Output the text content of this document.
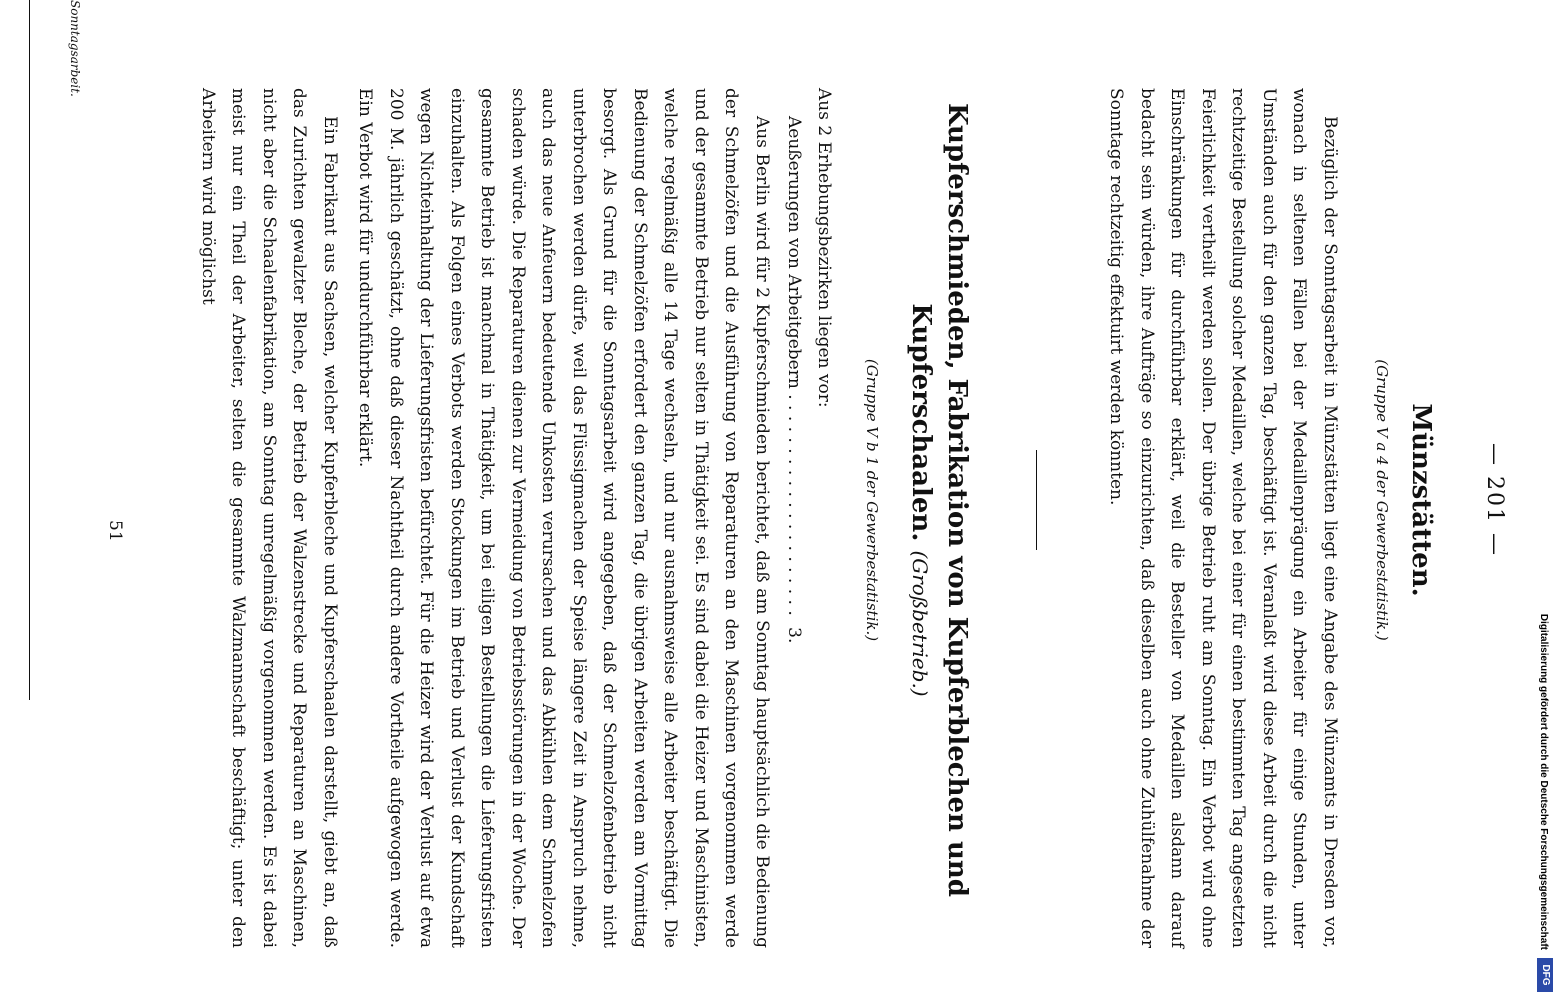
Digitalisierung gefördert durch die Deutsche Forschungsgemeinschaft
DFG
— 201 —
Münzstätten.
(Gruppe V a 4 der Gewerbestatistik.)
Bezüglich der Sonntagsarbeit in Münzstätten liegt eine Angabe des Münzamts in Dresden vor, wonach in seltenen Fällen bei der Medaillenprägung ein Arbeiter für einige Stunden, unter Umständen auch für den ganzen Tag, beschäftigt ist. Veranlaßt wird diese Arbeit durch die nicht rechtzeitige Bestellung solcher Medaillen, welche bei einer für einen bestimmten Tag angesetzten Feierlichkeit vertheilt werden sollen. Der übrige Betrieb ruht am Sonntag. Ein Verbot wird ohne Einschränkungen für durchführbar erklärt, weil die Besteller von Medaillen alsdann darauf bedacht sein würden, ihre Aufträge so einzurichten, daß dieselben auch ohne Zuhülfenahme der Sonntage rechtzeitig effektuirt werden könnten.
Kupferschmieden, Fabrikation von Kupferblechen und
Kupferschaalen. (Großbetrieb.)
(Gruppe V b 1 der Gewerbestatistik.)
Aus 2 Erhebungsbezirken liegen vor:
Aeußerungen von Arbeitgebern . . . . . . . . . . . . . . . . . . . . . 3.
Aus Berlin wird für 2 Kupferschmieden berichtet, daß am Sonntag hauptsächlich die Bedienung der Schmelzöfen und die Ausführung von Reparaturen an den Maschinen vorgenommen werde und der gesammte Betrieb nur selten in Thätigkeit sei. Es sind dabei die Heizer und Maschinisten, welche regelmäßig alle 14 Tage wechseln, und nur ausnahmsweise alle Arbeiter beschäftigt. Die Bedienung der Schmelzöfen erfordert den ganzen Tag, die übrigen Arbeiten werden am Vormittag besorgt. Als Grund für die Sonntagsarbeit wird angegeben, daß der Schmelzofenbetrieb nicht unterbrochen werden dürfe, weil das Flüssigmachen der Speise längere Zeit in Anspruch nehme, auch das neue Anfeuern bedeutende Unkosten verursachen und das Abkühlen dem Schmelzofen schaden würde. Die Reparaturen dienen zur Vermeidung von Betriebsstörungen in der Woche. Der gesammte Betrieb ist manchmal in Thätigkeit, um bei eiligen Bestellungen die Lieferungsfristen einzuhalten. Als Folgen eines Verbots werden Stockungen im Betrieb und Verlust der Kundschaft wegen Nichteinhaltung der Lieferungsfristen befürchtet. Für die Heizer wird der Verlust auf etwa 200 M. jährlich geschätzt, ohne daß dieser Nachtheil durch andere Vortheile aufgewogen werde. Ein Verbot wird für undurchführbar erklärt.
Ein Fabrikant aus Sachsen, welcher Kupferbleche und Kupferschaalen darstellt, giebt an, daß das Zurichten gewalzter Bleche, der Betrieb der Walzenstrecke und Reparaturen an Maschinen, nicht aber die Schaalenfabrikation, am Sonntag unregelmäßig vorgenommen werden. Es ist dabei meist nur ein Theil der Arbeiter, selten die gesammte Walzmannschaft beschäftigt; unter den Arbeitern wird möglichst
51
Sonntagsarbeit.
